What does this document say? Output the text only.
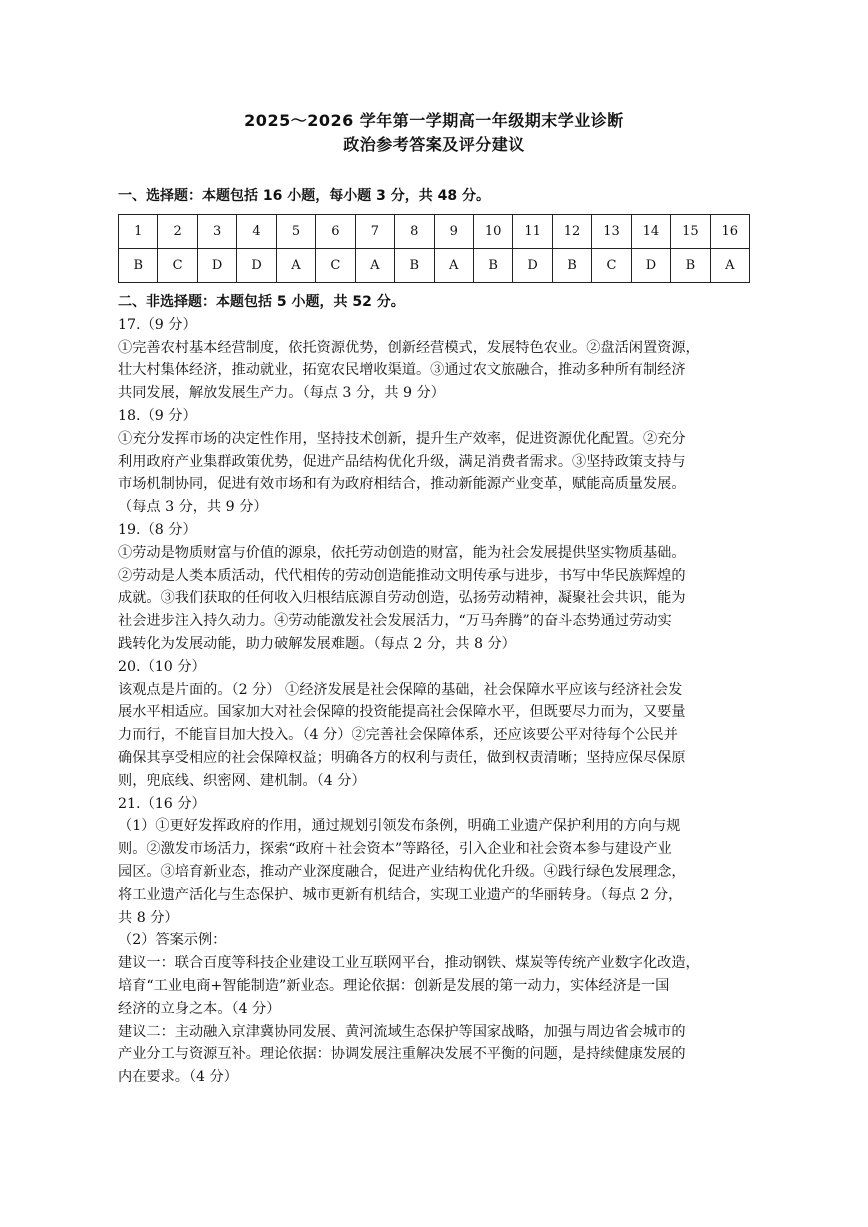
2025～2026 学年第一学期高一年级期末学业诊断
政治参考答案及评分建议
一、选择题：本题包括 16 小题，每小题 3 分，共 48 分。
1	2	3	4	5	6	7	8	9	10	11	12	13	14	15	16
B	C	D	D	A	C	A	B	A	B	D	B	C	D	B	A

二、非选择题：本题包括 5 小题，共 52 分。

17.（9 分）

①完善农村基本经营制度，依托资源优势，创新经营模式，发展特色农业。②盘活闲置资源，

壮大村集体经济，推动就业，拓宽农民增收渠道。③通过农文旅融合，推动多种所有制经济

共同发展，解放发展生产力。（每点 3 分，共 9 分）

18.（9 分）

①充分发挥市场的决定性作用，坚持技术创新，提升生产效率，促进资源优化配置。②充分

利用政府产业集群政策优势，促进产品结构优化升级，满足消费者需求。③坚持政策支持与

市场机制协同，促进有效市场和有为政府相结合，推动新能源产业变革，赋能高质量发展。

（每点 3 分，共 9 分）

19.（8 分）

①劳动是物质财富与价值的源泉，依托劳动创造的财富，能为社会发展提供坚实物质基础。

②劳动是人类本质活动，代代相传的劳动创造能推动文明传承与进步，书写中华民族辉煌的

成就。③我们获取的任何收入归根结底源自劳动创造，弘扬劳动精神，凝聚社会共识，能为

社会进步注入持久动力。④劳动能激发社会发展活力，“万马奔腾”的奋斗态势通过劳动实

践转化为发展动能，助力破解发展难题。（每点 2 分，共 8 分）

20.（10 分）

该观点是片面的。（2 分） ①经济发展是社会保障的基础，社会保障水平应该与经济社会发

展水平相适应。国家加大对社会保障的投资能提高社会保障水平，但既要尽力而为，又要量

力而行，不能盲目加大投入。（4 分）②完善社会保障体系，还应该要公平对待每个公民并

确保其享受相应的社会保障权益；明确各方的权利与责任，做到权责清晰；坚持应保尽保原

则，兜底线、织密网、建机制。（4 分）

21.（16 分）

（1）①更好发挥政府的作用，通过规划引领发布条例，明确工业遗产保护利用的方向与规

则。②激发市场活力，探索“政府＋社会资本”等路径，引入企业和社会资本参与建设产业

园区。③培育新业态，推动产业深度融合，促进产业结构优化升级。④践行绿色发展理念，

将工业遗产活化与生态保护、城市更新有机结合，实现工业遗产的华丽转身。（每点 2 分，

共 8 分）

（2）答案示例：

建议一：联合百度等科技企业建设工业互联网平台，推动钢铁、煤炭等传统产业数字化改造，

培育“工业电商+智能制造”新业态。理论依据：创新是发展的第一动力，实体经济是一国

经济的立身之本。（4 分）

建议二：主动融入京津冀协同发展、黄河流域生态保护等国家战略，加强与周边省会城市的

产业分工与资源互补。理论依据：协调发展注重解决发展不平衡的问题，是持续健康发展的

内在要求。（4 分）
